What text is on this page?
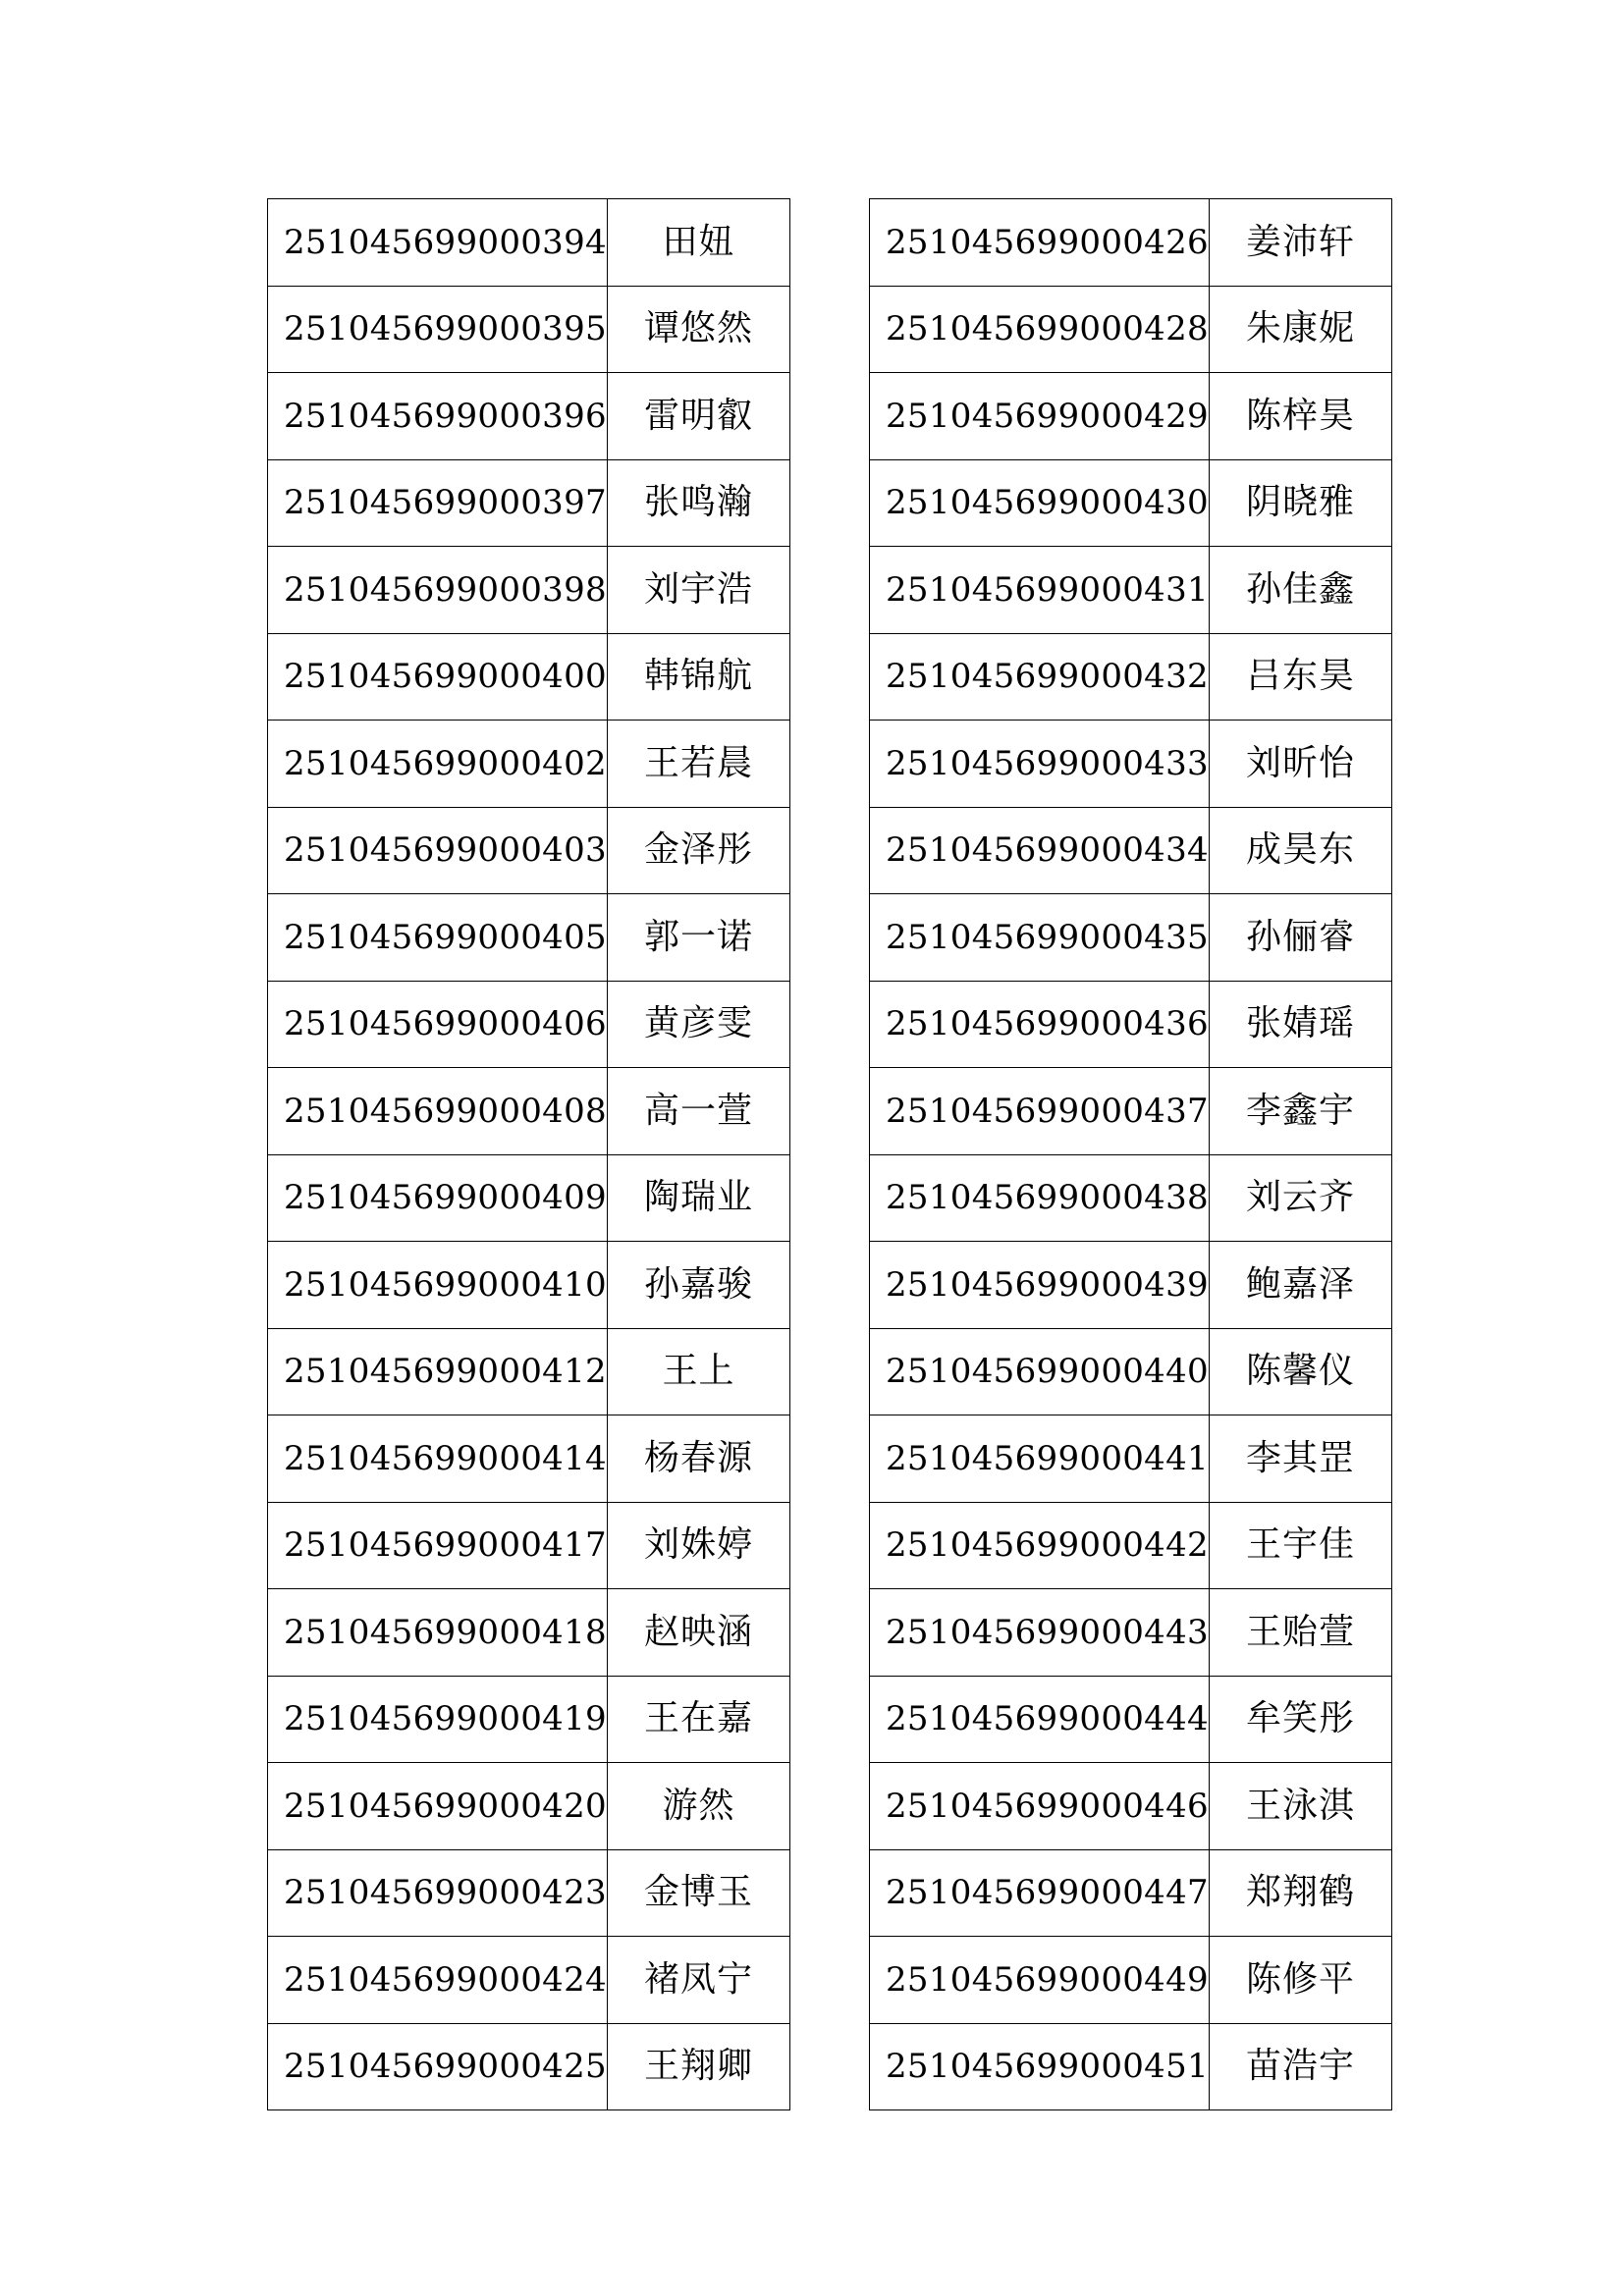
251045699000394	田妞
251045699000395	谭悠然
251045699000396	雷明叡
251045699000397	张鸣瀚
251045699000398	刘宇浩
251045699000400	韩锦航
251045699000402	王若晨
251045699000403	金泽彤
251045699000405	郭一诺
251045699000406	黄彦雯
251045699000408	高一萱
251045699000409	陶瑞业
251045699000410	孙嘉骏
251045699000412	王上
251045699000414	杨春源
251045699000417	刘姝婷
251045699000418	赵映涵
251045699000419	王在嘉
251045699000420	游然
251045699000423	金博玉
251045699000424	褚凤宁
251045699000425	王翔卿
251045699000426	姜沛轩
251045699000428	朱康妮
251045699000429	陈梓昊
251045699000430	阴晓雅
251045699000431	孙佳鑫
251045699000432	吕东昊
251045699000433	刘昕怡
251045699000434	成昊东
251045699000435	孙俪睿
251045699000436	张婧瑶
251045699000437	李鑫宇
251045699000438	刘云齐
251045699000439	鲍嘉泽
251045699000440	陈馨仪
251045699000441	李其罡
251045699000442	王宇佳
251045699000443	王贻萱
251045699000444	牟笑彤
251045699000446	王泳淇
251045699000447	郑翔鹤
251045699000449	陈修平
251045699000451	苗浩宇
